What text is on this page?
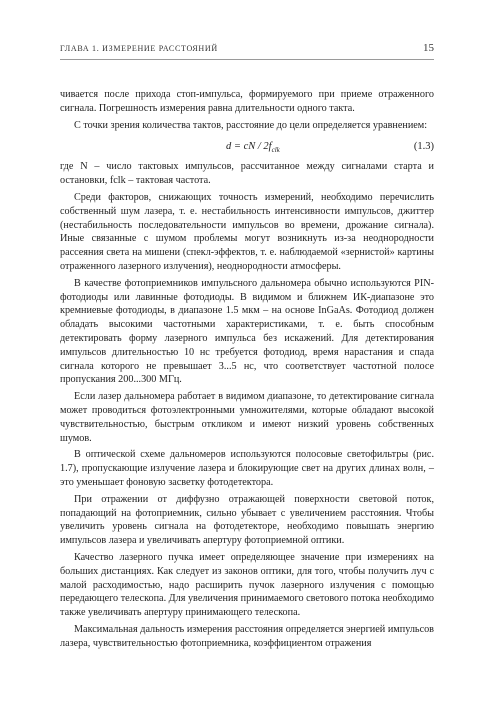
ГЛАВА 1. ИЗМЕРЕНИЕ РАССТОЯНИЙ	15

чивается после прихода стоп-импульса, формируемого при приеме отраженного сигнала. Погрешность измерения равна длительности одного такта.

С точки зрения количества тактов, расстояние до цели определяется уравнением:

d = cN / $2f_{clk}$	(1.3)

где N – число тактовых импульсов, рассчитанное между сигналами старта и остановки, fclk – тактовая частота.

Среди факторов, снижающих точность измерений, необходимо перечислить собственный шум лазера, т. е. нестабильность интенсивности импульсов, джиттер (нестабильность последовательности импульсов во времени, дрожание сигнала). Иные связанные с шумом проблемы могут возникнуть из-за неоднородности рассеяния света на мишени (спекл-эффектов, т. е. наблюдаемой «зернистой» картины отраженного лазерного излучения), неоднородности атмосферы.

В качестве фотоприемников импульсного дальномера обычно используются PIN-фотодиоды или лавинные фотодиоды. В видимом и ближнем ИК-диапазоне это кремниевые фотодиоды, в диапазоне 1.5 мкм – на основе InGaAs. Фотодиод должен обладать высокими частотными характеристиками, т. е. быть способным детектировать форму лазерного импульса без искажений. Для детектирования импульсов длительностью 10 нс требуется фотодиод, время нарастания и спада сигнала которого не превышает 3...5 нс, что соответствует частотной полосе пропускания 200...300 МГц.

Если лазер дальномера работает в видимом диапазоне, то детектирование сигнала может проводиться фотоэлектронными умножителями, которые обладают высокой чувствительностью, быстрым откликом и имеют низкий уровень собственных шумов.

В оптической схеме дальномеров используются полосовые светофильтры (рис. 1.7), пропускающие излучение лазера и блокирующие свет на других длинах волн, – это уменьшает фоновую засветку фотодетектора.

При отражении от диффузно отражающей поверхности световой поток, попадающий на фотоприемник, сильно убывает с увеличением расстояния. Чтобы увеличить уровень сигнала на фотодетекторе, необходимо повышать энергию импульсов лазера и увеличивать апертуру фотоприемной оптики.

Качество лазерного пучка имеет определяющее значение при измерениях на больших дистанциях. Как следует из законов оптики, для того, чтобы получить луч с малой расходимостью, надо расширить пучок лазерного излучения с помощью передающего телескопа. Для увеличения принимаемого светового потока необходимо также увеличивать апертуру принимающего телескопа.

Максимальная дальность измерения расстояния определяется энергией импульсов лазера, чувствительностью фотоприемника, коэффициентом отражения
